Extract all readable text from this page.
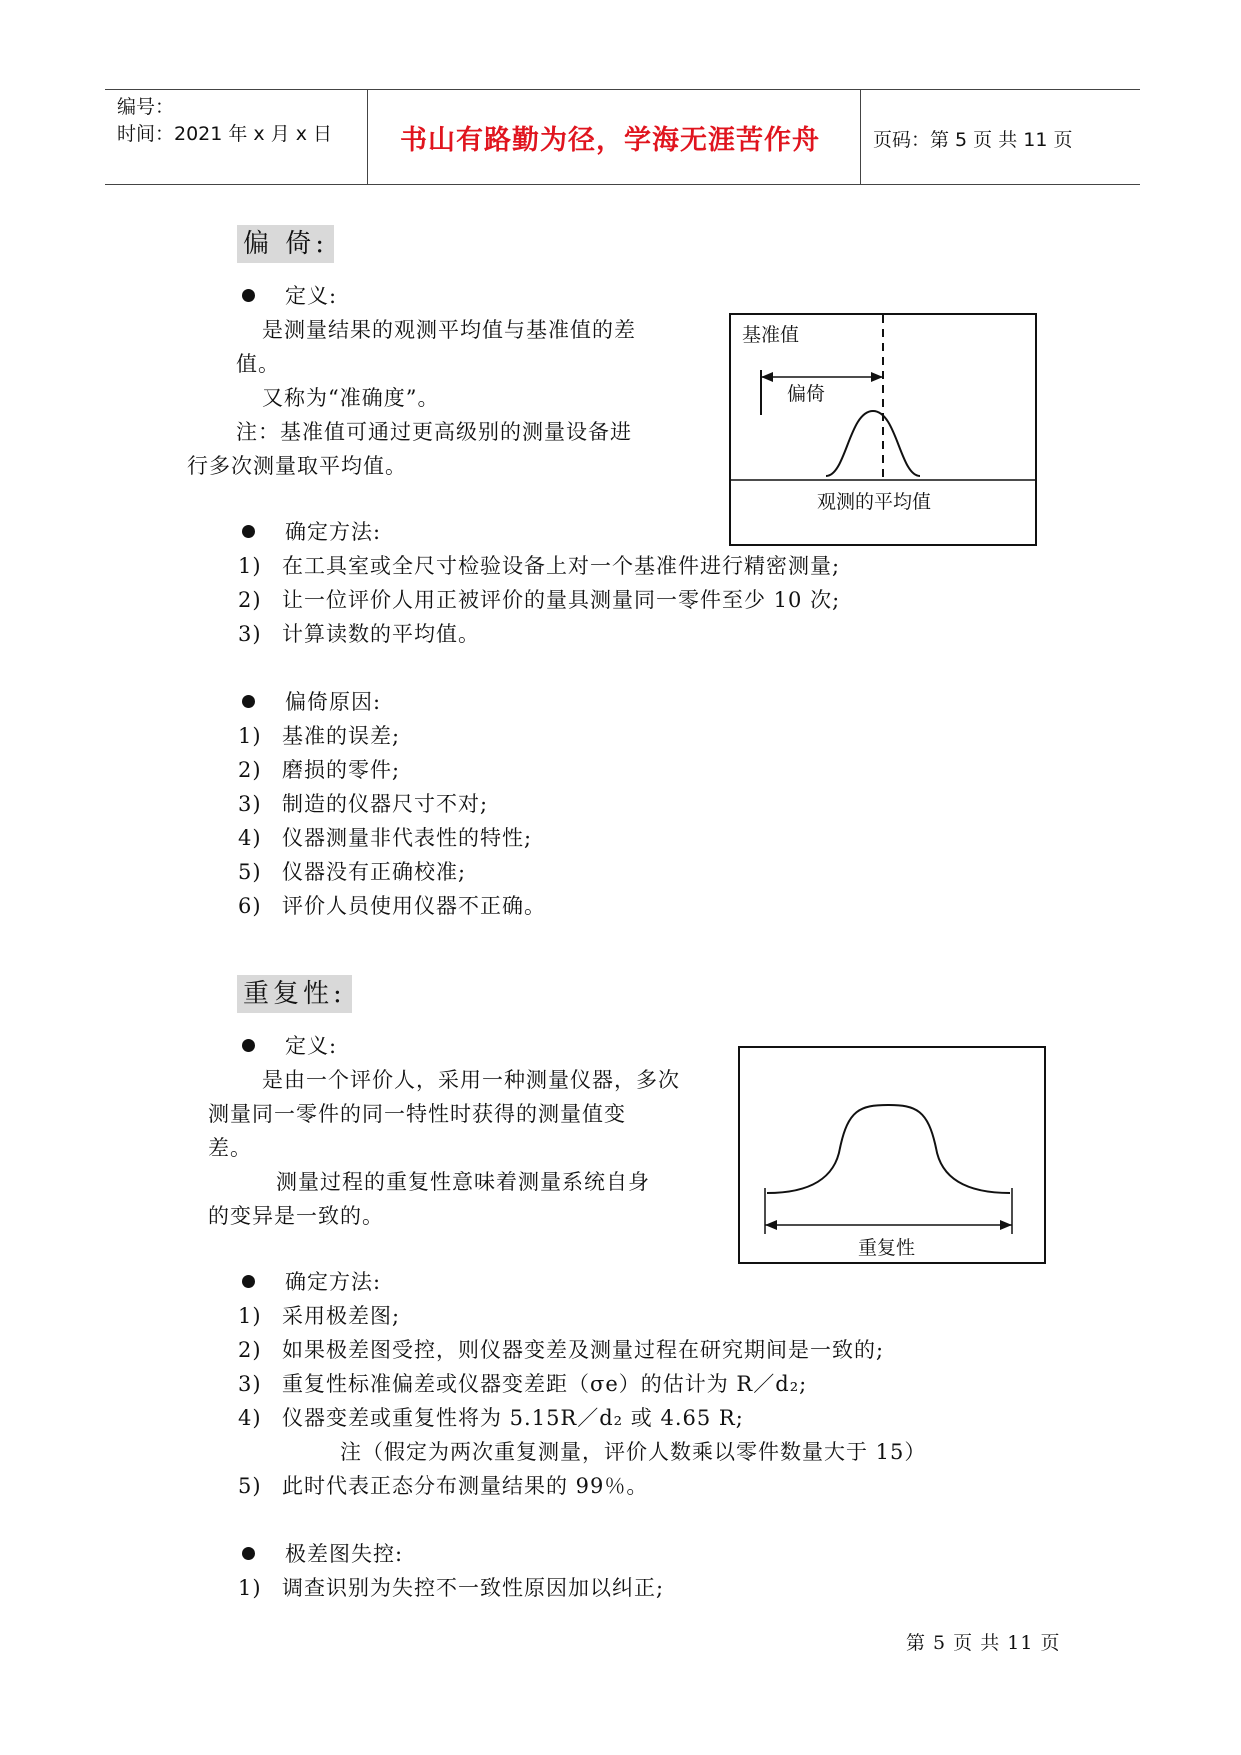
编号：
时间：2021 年 x 月 x 日	书山有路勤为径，学海无涯苦作舟	页码：第 5 页 共 11 页
偏 倚:
定义:
是测量结果的观测平均值与基准值的差
值。
又称为“准确度”。
注：基准值可通过更高级别的测量设备进
行多次测量取平均值。
基准值
偏倚
观测的平均值
确定方法:
1) 在工具室或全尺寸检验设备上对一个基准件进行精密测量;
2) 让一位评价人用正被评价的量具测量同一零件至少 10 次;
3) 计算读数的平均值。
偏倚原因:
1) 基准的误差;
2) 磨损的零件;
3) 制造的仪器尺寸不对;
4) 仪器测量非代表性的特性;
5) 仪器没有正确校准;
6) 评价人员使用仪器不正确。
重复性:
定义:
是由一个评价人，采用一种测量仪器，多次
测量同一零件的同一特性时获得的测量值变
差。
测量过程的重复性意味着测量系统自身
的变异是一致的。
重复性
确定方法:
1) 采用极差图;
2) 如果极差图受控，则仪器变差及测量过程在研究期间是一致的;
3) 重复性标准偏差或仪器变差距（σe）的估计为 R／d₂;
4) 仪器变差或重复性将为 5.15R／d₂ 或 4.65 R;
注（假定为两次重复测量，评价人数乘以零件数量大于 15）
5) 此时代表正态分布测量结果的 99％。
极差图失控:
1) 调查识别为失控不一致性原因加以纠正;
第 5 页 共 11 页
